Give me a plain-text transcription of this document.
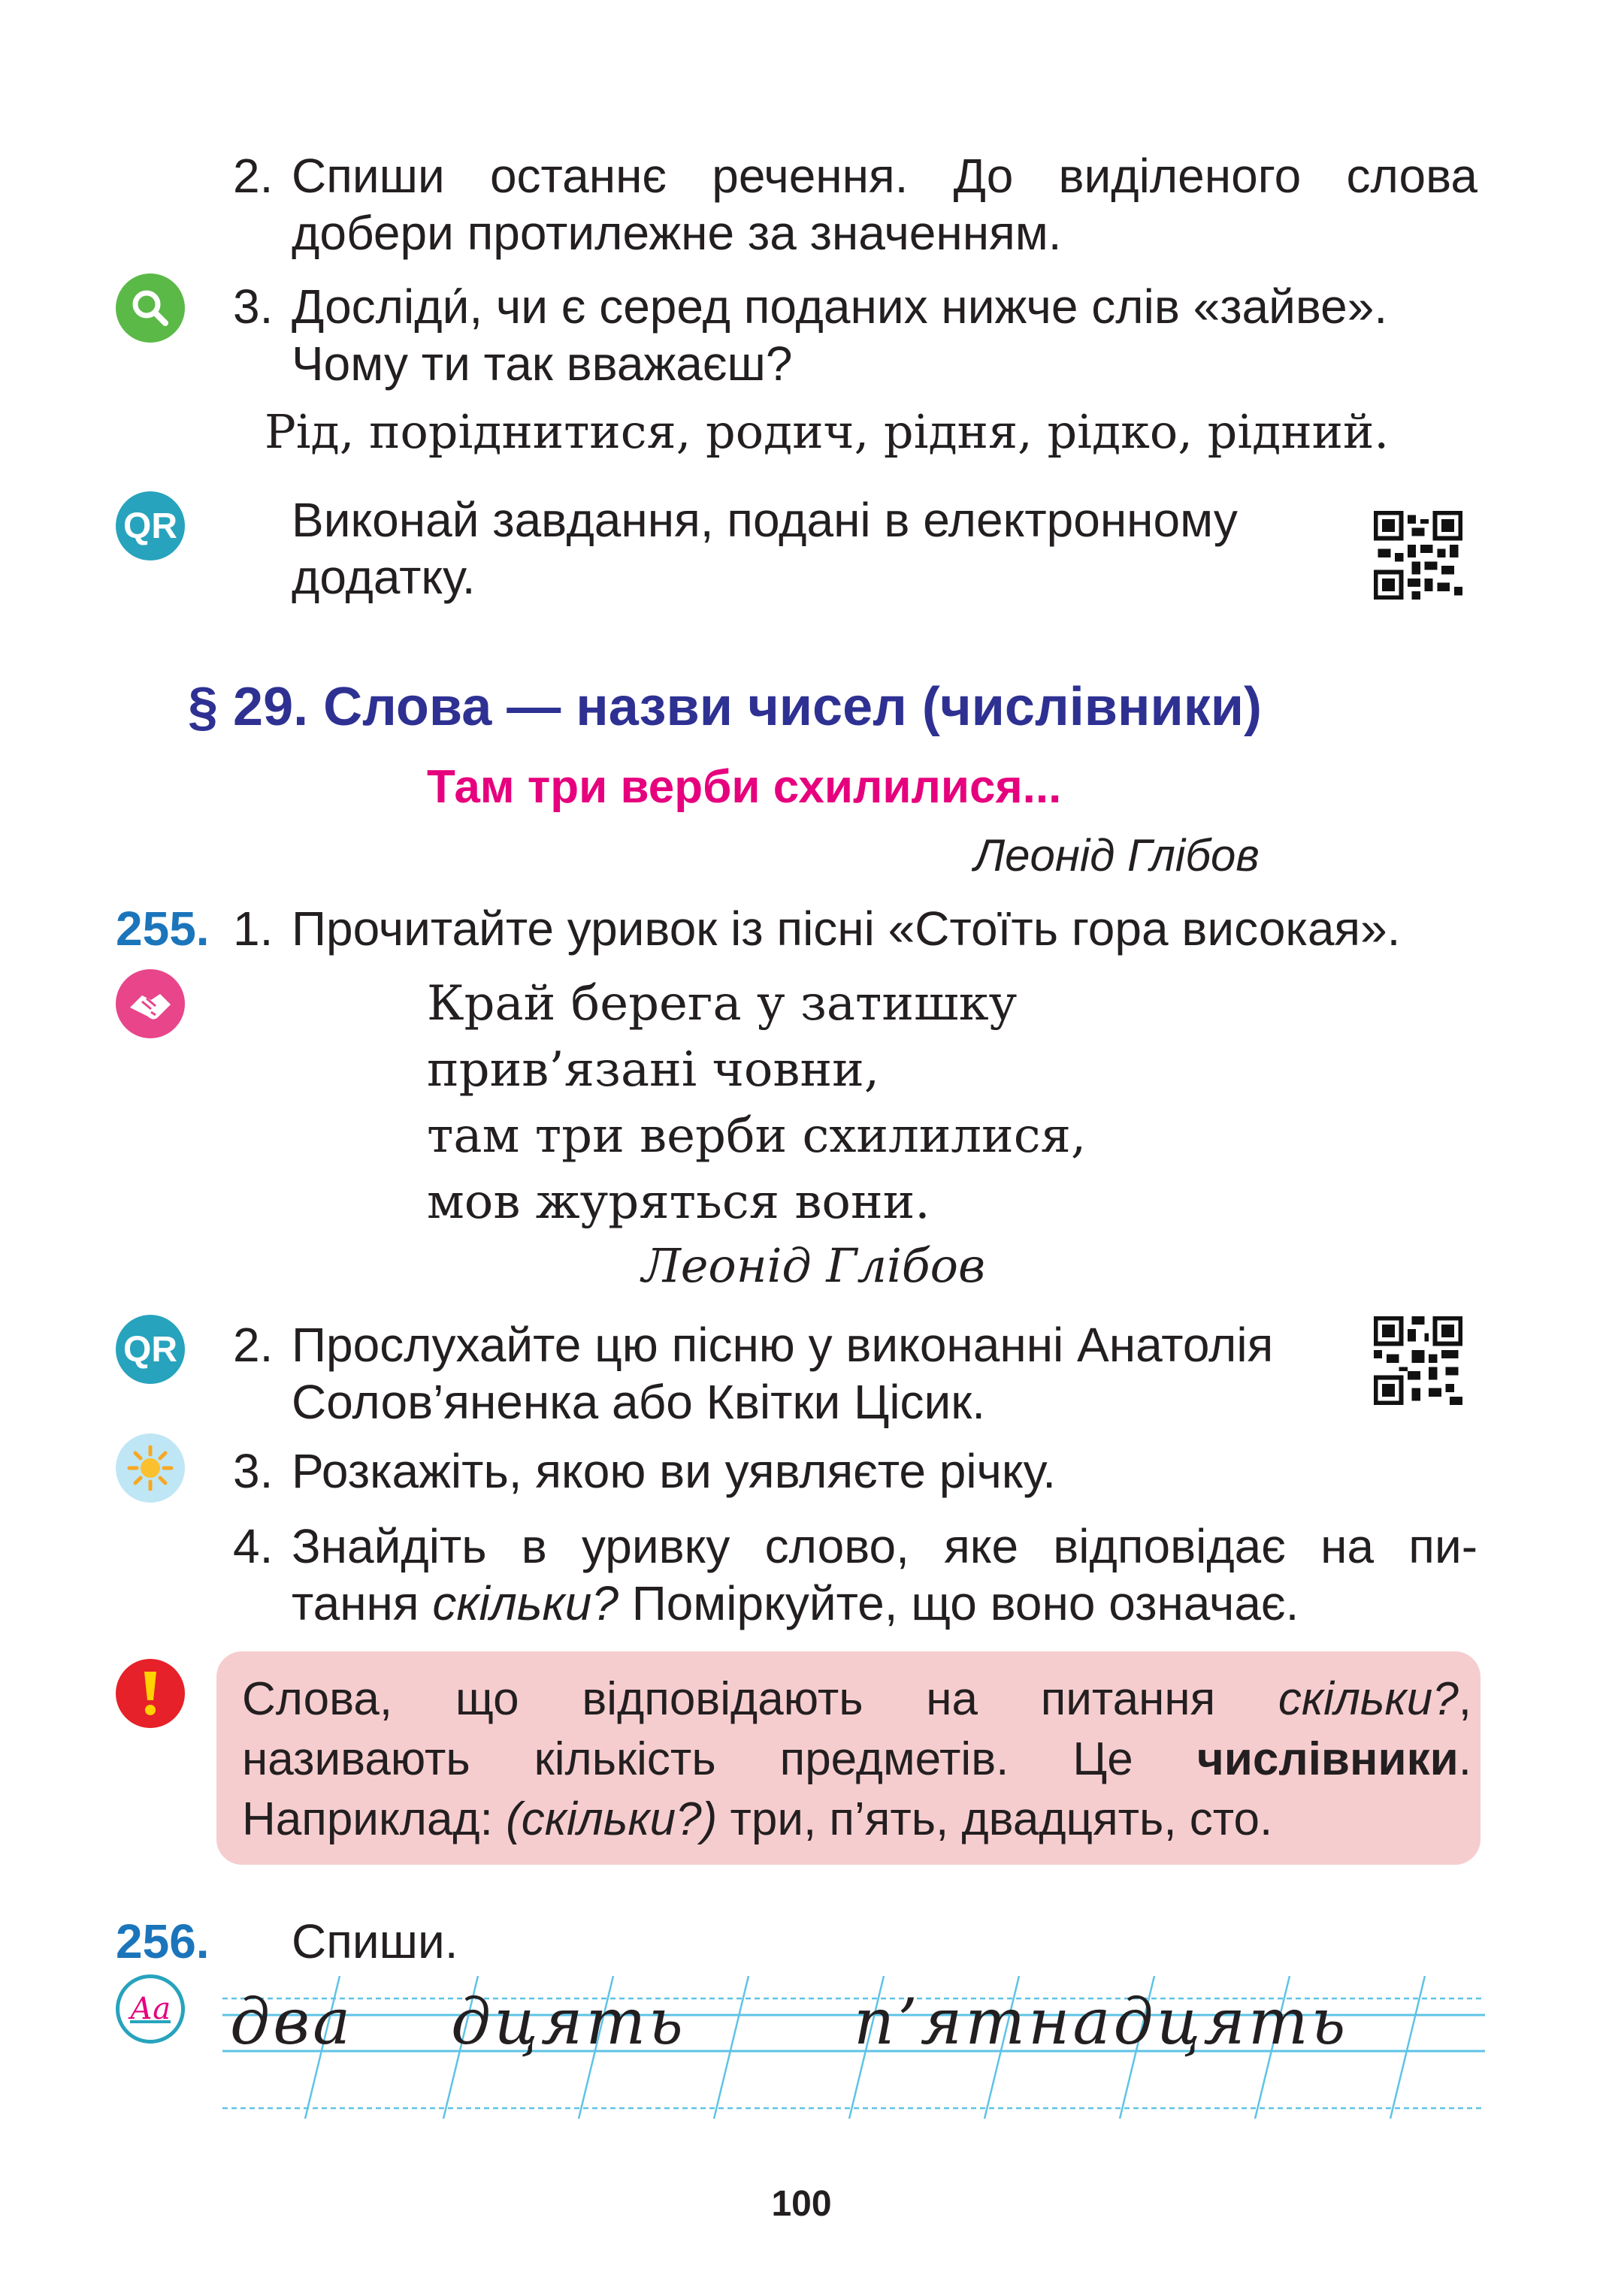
2. Спиши останнє речення. До виділеного слова
добери протилежне за значенням.
3. Досліди́, чи є серед поданих нижче слів «зайве».
Чому ти так вважаєш?
Рід, поріднитися, родич, рідня, рідко, рідний.
QR Виконай завдання, подані в електронному
додатку.
§ 29. Слова — назви чисел (числівники)
Там три верби схилилися...
Леонід Глібов
255. 1. Прочитайте уривок із пісні «Стоїть гора високая».
Край берега у затишку
прив’язані човни,
там три верби схилилися,
мов журяться вони.
Леонід Глібов
QR 2. Прослухайте цю пісню у виконанні Анатолія
Солов’яненка або Квітки Цісик.
3. Розкажіть, якою ви уявляєте річку.
4. Знайдіть в уривку слово, яке відповідає на пи-
тання скільки? Поміркуйте, що воно означає.
Слова, що відповідають на питання скільки?,
називають кількість предметів. Це числівники.
Наприклад: (скільки?) три, п’ять, двадцять, сто.
256. Спиши.
Аа два дцять	п’ятнадцять
100
